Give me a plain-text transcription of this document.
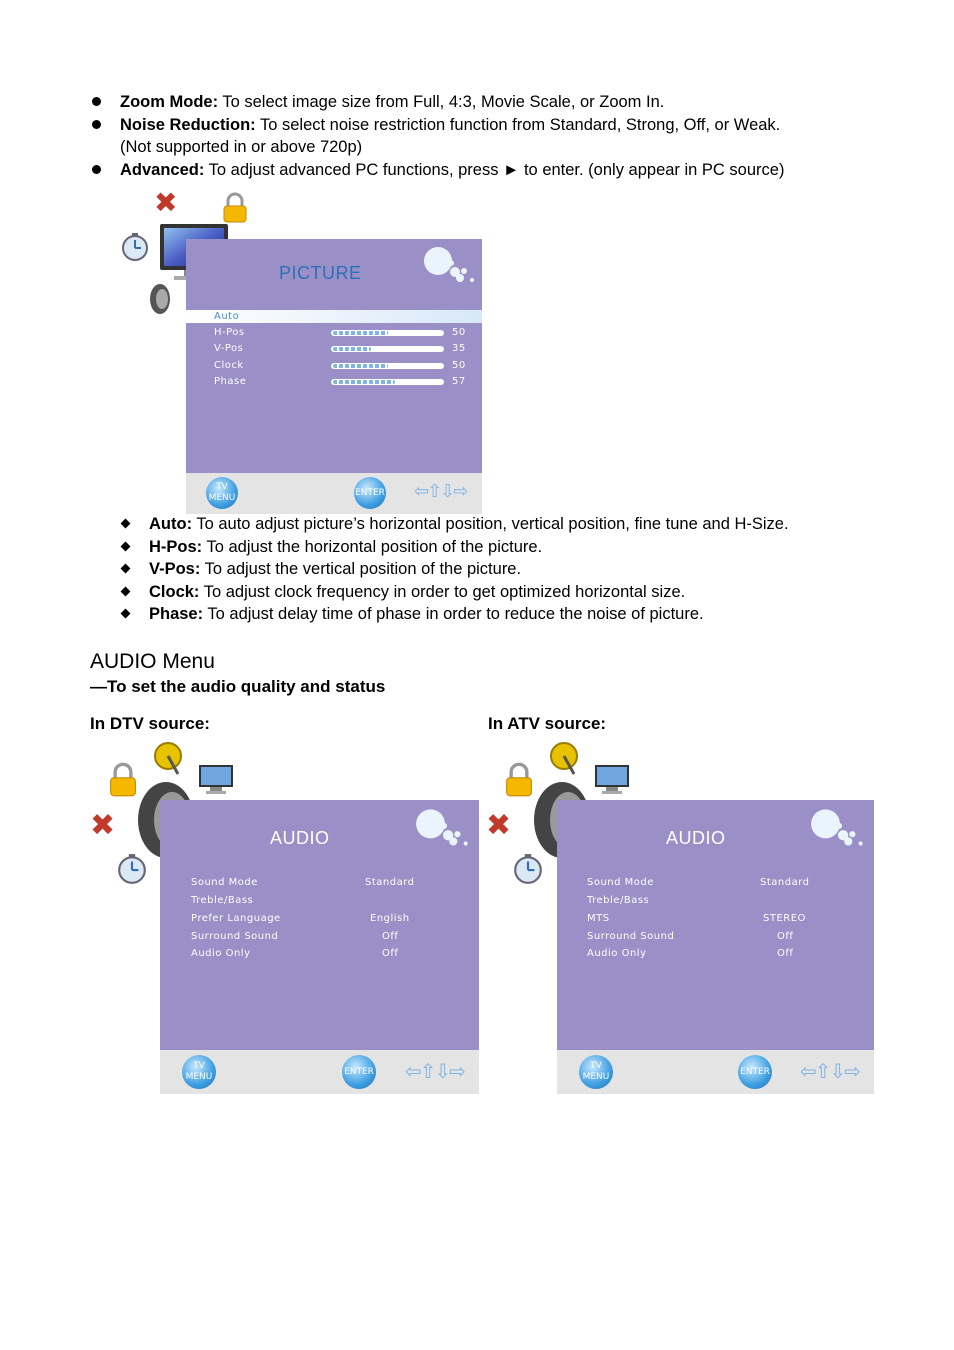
Zoom Mode: To select image size from Full, 4:3, Movie Scale, or Zoom In.
Noise Reduction: To select noise restriction function from Standard, Strong, Off, or Weak.
(Not supported in or above 720p)
Advanced: To adjust advanced PC functions, press ► to enter. (only appear in PC source)
✖
PICTURE
Auto
H-Pos	50
V-Pos	35
Clock	50
Phase	57
TV
MENU
ENTER ⇦⇧⇩⇨
Auto: To auto adjust picture’s horizontal position, vertical position, fine tune and H-Size.
H-Pos: To adjust the horizontal position of the picture.
V-Pos: To adjust the vertical position of the picture.
Clock: To adjust clock frequency in order to get optimized horizontal size.
Phase: To adjust delay time of phase in order to reduce the noise of picture.
AUDIO Menu
—To set the audio quality and status
In DTV source:	In ATV source:
✖	AUDIO
Sound Mode	Standard
Treble/Bass
Prefer Language	English
Surround Sound	Off
Audio Only	Off
TV
MENU
ENTER ⇦⇧⇩⇨
✖	AUDIO
Sound Mode	Standard
Treble/Bass
MTS	STEREO
Surround Sound	Off
Audio Only	Off
TV
MENU
ENTER ⇦⇧⇩⇨
